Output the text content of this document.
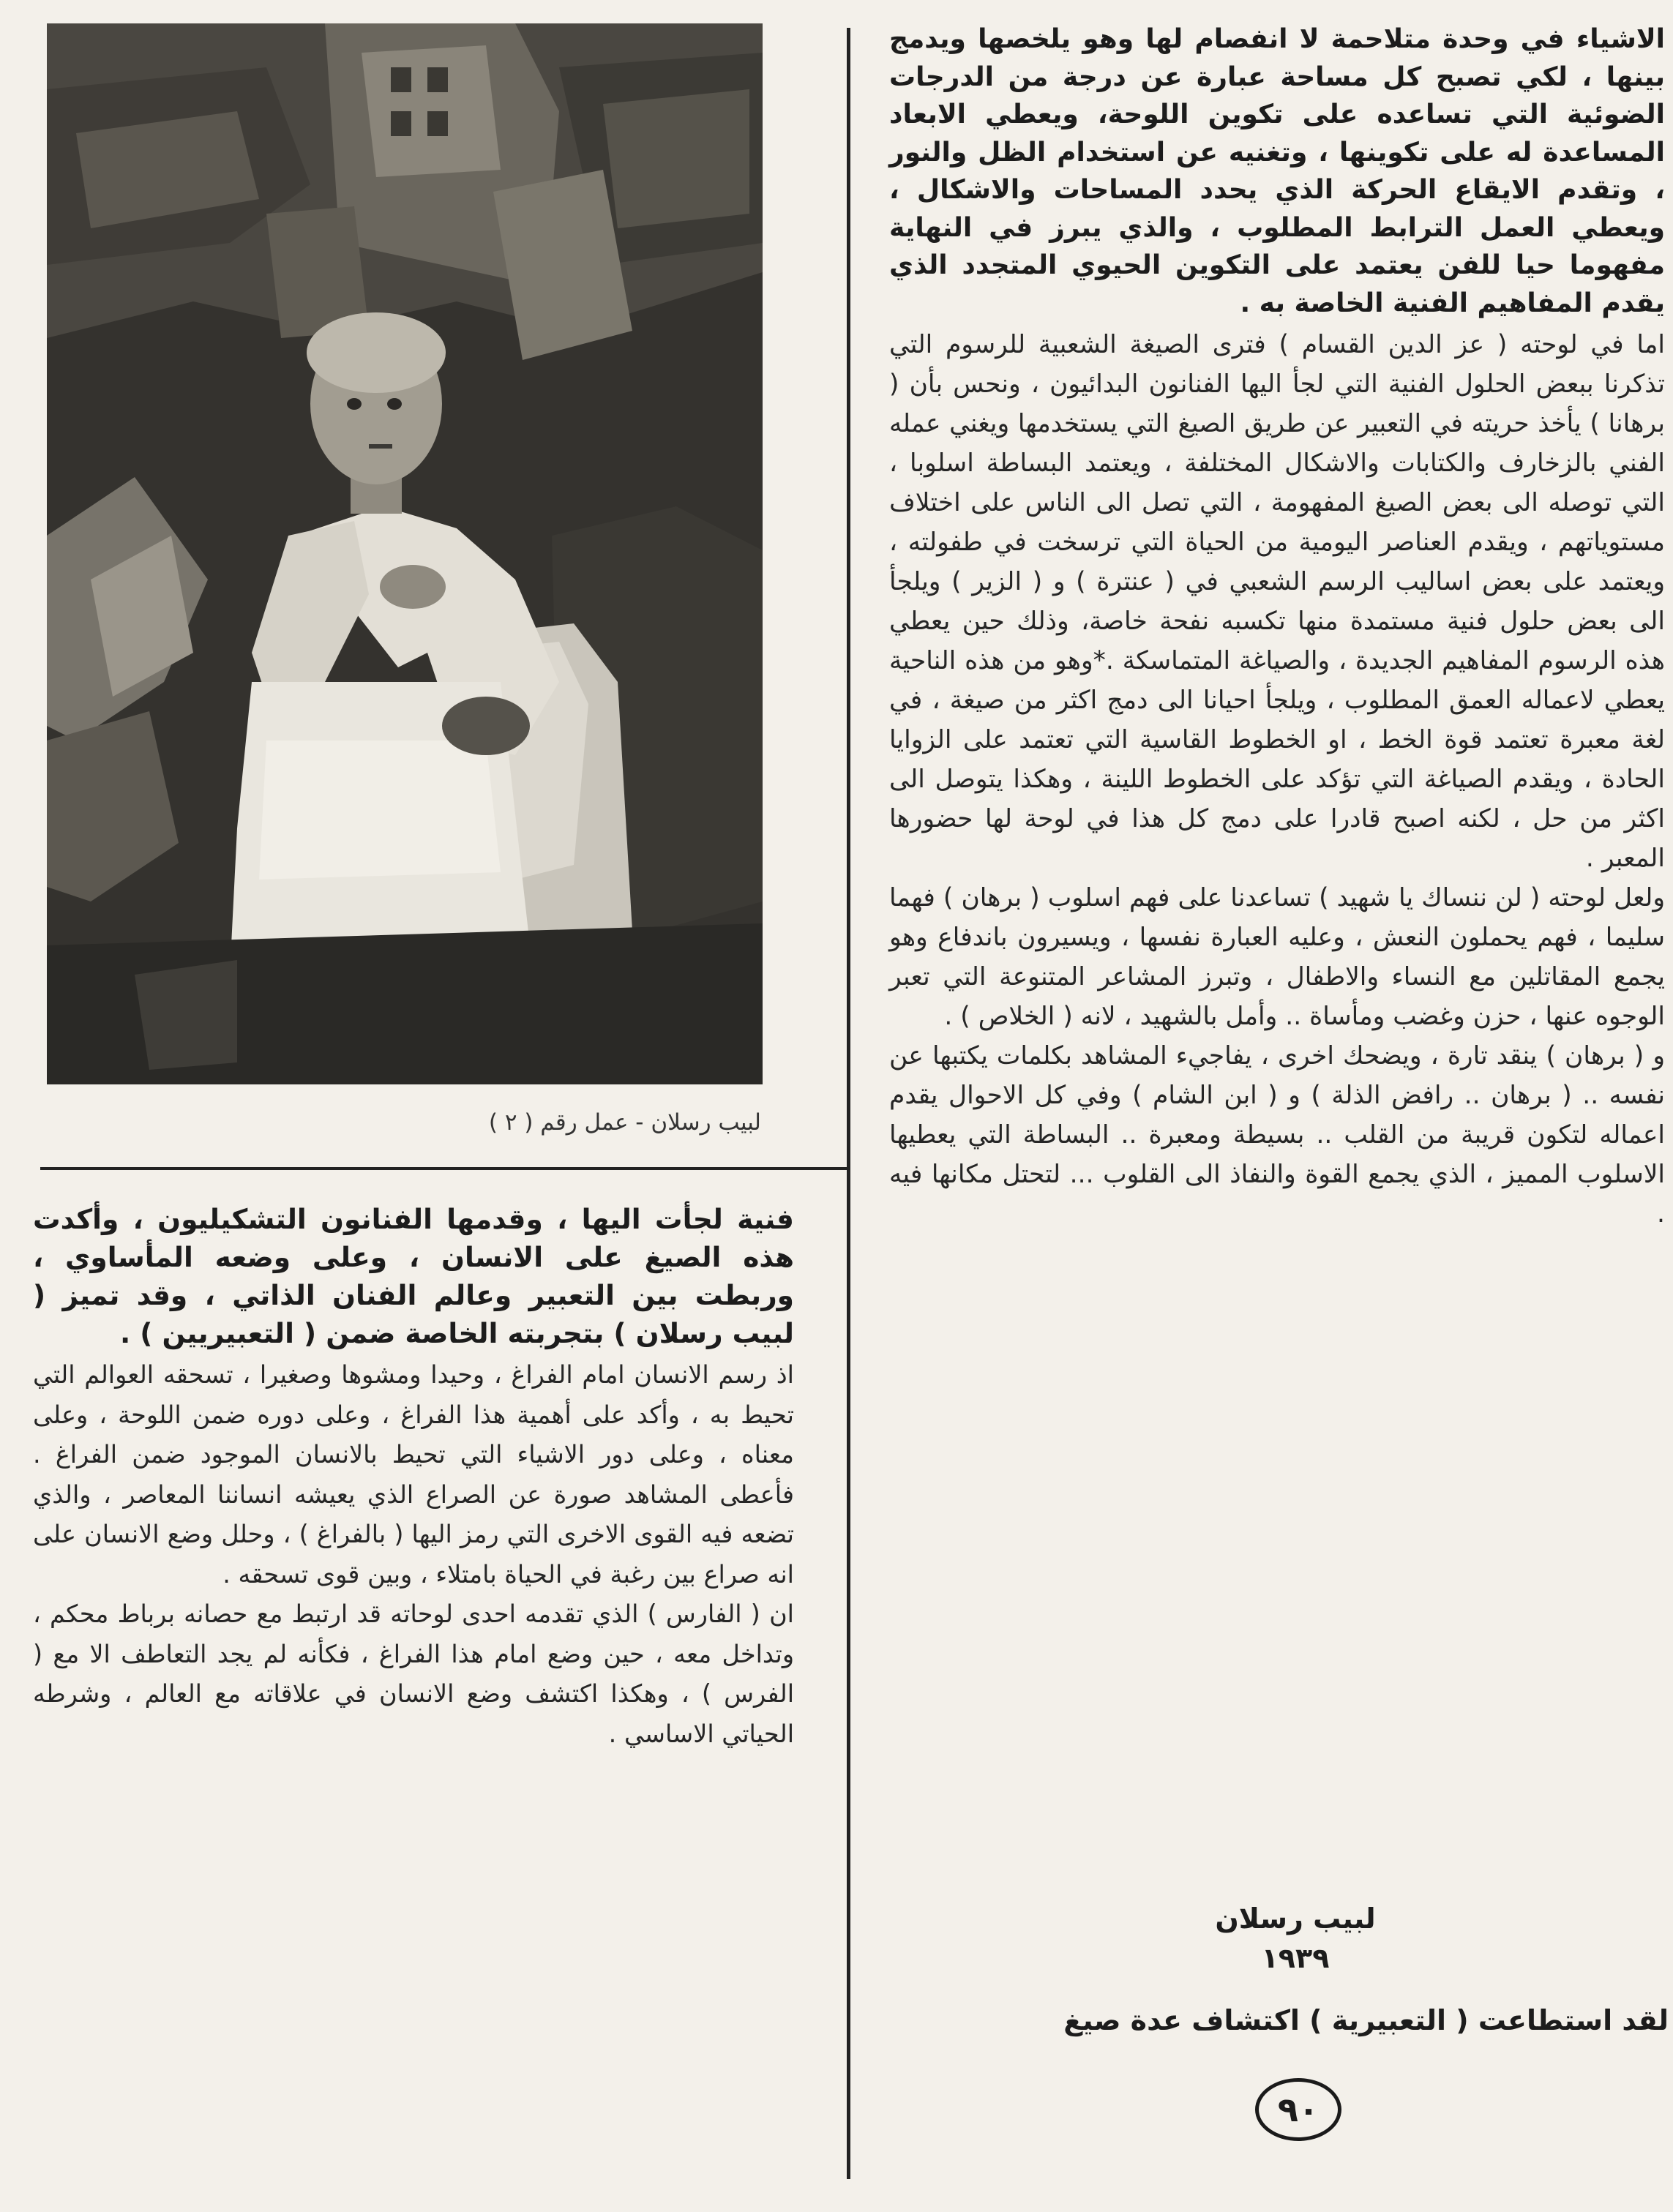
لبيب رسلان - عمل رقم ( ٢ )

الاشياء في وحدة متلاحمة لا انفصام لها وهو يلخصها ويدمج بينها ، لكي تصبح كل مساحة عبارة عن درجة من الدرجات الضوئية التي تساعده على تكوين اللوحة، ويعطي الابعاد المساعدة له على تكوينها ، وتغنيه عن استخدام الظل والنور ، وتقدم الايقاع الحركة الذي يحدد المساحات والاشكال ، ويعطي العمل الترابط المطلوب ، والذي يبرز في النهاية مفهوما حيا للفن يعتمد على التكوين الحيوي المتجدد الذي يقدم المفاهيم الفنية الخاصة به .

اما في لوحته ( عز الدين القسام ) فترى الصيغة الشعبية للرسوم التي تذكرنا ببعض الحلول الفنية التي لجأ اليها الفنانون البدائيون ، ونحس بأن ( برهانا ) يأخذ حريته في التعبير عن طريق الصيغ التي يستخدمها ويغني عمله الفني بالزخارف والكتابات والاشكال المختلفة ، ويعتمد البساطة اسلوبا ، التي توصله الى بعض الصيغ المفهومة ، التي تصل الى الناس على اختلاف مستوياتهم ، ويقدم العناصر اليومية من الحياة التي ترسخت في طفولته ، ويعتمد على بعض اساليب الرسم الشعبي في ( عنترة ) و ( الزير ) ويلجأ الى بعض حلول فنية مستمدة منها تكسبه نفحة خاصة، وذلك حين يعطي هذه الرسوم المفاهيم الجديدة ، والصياغة المتماسكة .*وهو من هذه الناحية يعطي لاعماله العمق المطلوب ، ويلجأ احيانا الى دمج اكثر من صيغة ، في لغة معبرة تعتمد قوة الخط ، او الخطوط القاسية التي تعتمد على الزوايا الحادة ، ويقدم الصياغة التي تؤكد على الخطوط اللينة ، وهكذا يتوصل الى اكثر من حل ، لكنه اصبح قادرا على دمج كل هذا في لوحة لها حضورها المعبر .

ولعل لوحته ( لن ننساك يا شهيد ) تساعدنا على فهم اسلوب ( برهان ) فهما سليما ، فهم يحملون النعش ، وعليه العبارة نفسها ، ويسيرون باندفاع وهو يجمع المقاتلين مع النساء والاطفال ، وتبرز المشاعر المتنوعة التي تعبر الوجوه عنها ، حزن وغضب ومأساة .. وأمل بالشهيد ، لانه ( الخلاص ) .

و ( برهان ) ينقد تارة ، ويضحك اخرى ، يفاجيء المشاهد بكلمات يكتبها عن نفسه .. ( برهان .. رافض الذلة ) و ( ابن الشام ) وفي كل الاحوال يقدم اعماله لتكون قريبة من القلب .. بسيطة ومعبرة .. البساطة التي يعطيها الاسلوب المميز ، الذي يجمع القوة والنفاذ الى القلوب ... لتحتل مكانها فيه .

لبيب رسلان
١٩٣٩
لقد استطاعت ( التعبيرية ) اكتشاف عدة صيغ
٩٠

فنية لجأت اليها ، وقدمها الفنانون التشكيليون ، وأكدت هذه الصيغ على الانسان ، وعلى وضعه المأساوي ، وربطت بين التعبير وعالم الفنان الذاتي ، وقد تميز ( لبيب رسلان ) بتجربته الخاصة ضمن ( التعبيريين ) .

اذ رسم الانسان امام الفراغ ، وحيدا ومشوها وصغيرا ، تسحقه العوالم التي تحيط به ، وأكد على أهمية هذا الفراغ ، وعلى دوره ضمن اللوحة ، وعلى معناه ، وعلى دور الاشياء التي تحيط بالانسان الموجود ضمن الفراغ . فأعطى المشاهد صورة عن الصراع الذي يعيشه انساننا المعاصر ، والذي تضعه فيه القوى الاخرى التي رمز اليها ( بالفراغ ) ، وحلل وضع الانسان على انه صراع بين رغبة في الحياة بامتلاء ، وبين قوى تسحقه .

ان ( الفارس ) الذي تقدمه احدى لوحاته قد ارتبط مع حصانه برباط محكم ، وتداخل معه ، حين وضع امام هذا الفراغ ، فكأنه لم يجد التعاطف الا مع ( الفرس ) ، وهكذا اكتشف وضع الانسان في علاقاته مع العالم ، وشرطه الحياتي الاساسي .
